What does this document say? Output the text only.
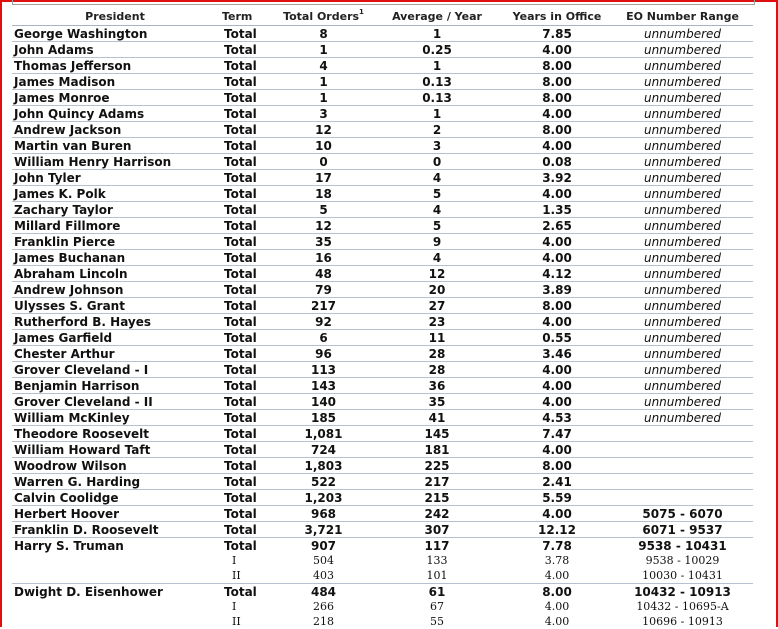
President	Term	Total Orders$^1$	Average / Year	Years in Office	EO Number Range
George Washington	Total	8	1	7.85	unnumbered
John Adams	Total	1	0.25	4.00	unnumbered
Thomas Jefferson	Total	4	1	8.00	unnumbered
James Madison	Total	1	0.13	8.00	unnumbered
James Monroe	Total	1	0.13	8.00	unnumbered
John Quincy Adams	Total	3	1	4.00	unnumbered
Andrew Jackson	Total	12	2	8.00	unnumbered
Martin van Buren	Total	10	3	4.00	unnumbered
William Henry Harrison	Total	0	0	0.08	unnumbered
John Tyler	Total	17	4	3.92	unnumbered
James K. Polk	Total	18	5	4.00	unnumbered
Zachary Taylor	Total	5	4	1.35	unnumbered
Millard Fillmore	Total	12	5	2.65	unnumbered
Franklin Pierce	Total	35	9	4.00	unnumbered
James Buchanan	Total	16	4	4.00	unnumbered
Abraham Lincoln	Total	48	12	4.12	unnumbered
Andrew Johnson	Total	79	20	3.89	unnumbered
Ulysses S. Grant	Total	217	27	8.00	unnumbered
Rutherford B. Hayes	Total	92	23	4.00	unnumbered
James Garfield	Total	6	11	0.55	unnumbered
Chester Arthur	Total	96	28	3.46	unnumbered
Grover Cleveland - I	Total	113	28	4.00	unnumbered
Benjamin Harrison	Total	143	36	4.00	unnumbered
Grover Cleveland - II	Total	140	35	4.00	unnumbered
William McKinley	Total	185	41	4.53	unnumbered
Theodore Roosevelt	Total	1,081	145	7.47	
William Howard Taft	Total	724	181	4.00	
Woodrow Wilson	Total	1,803	225	8.00	
Warren G. Harding	Total	522	217	2.41	
Calvin Coolidge	Total	1,203	215	5.59	
Herbert Hoover	Total	968	242	4.00	5075 - 6070
Franklin D. Roosevelt	Total	3,721	307	12.12	6071 - 9537
Harry S. Truman	Total	907	117	7.78	9538 - 10431
	I	504	133	3.78	9538 - 10029
	II	403	101	4.00	10030 - 10431
Dwight D. Eisenhower	Total	484	61	8.00	10432 - 10913
	I	266	67	4.00	10432 - 10695-A
	II	218	55	4.00	10696 - 10913
